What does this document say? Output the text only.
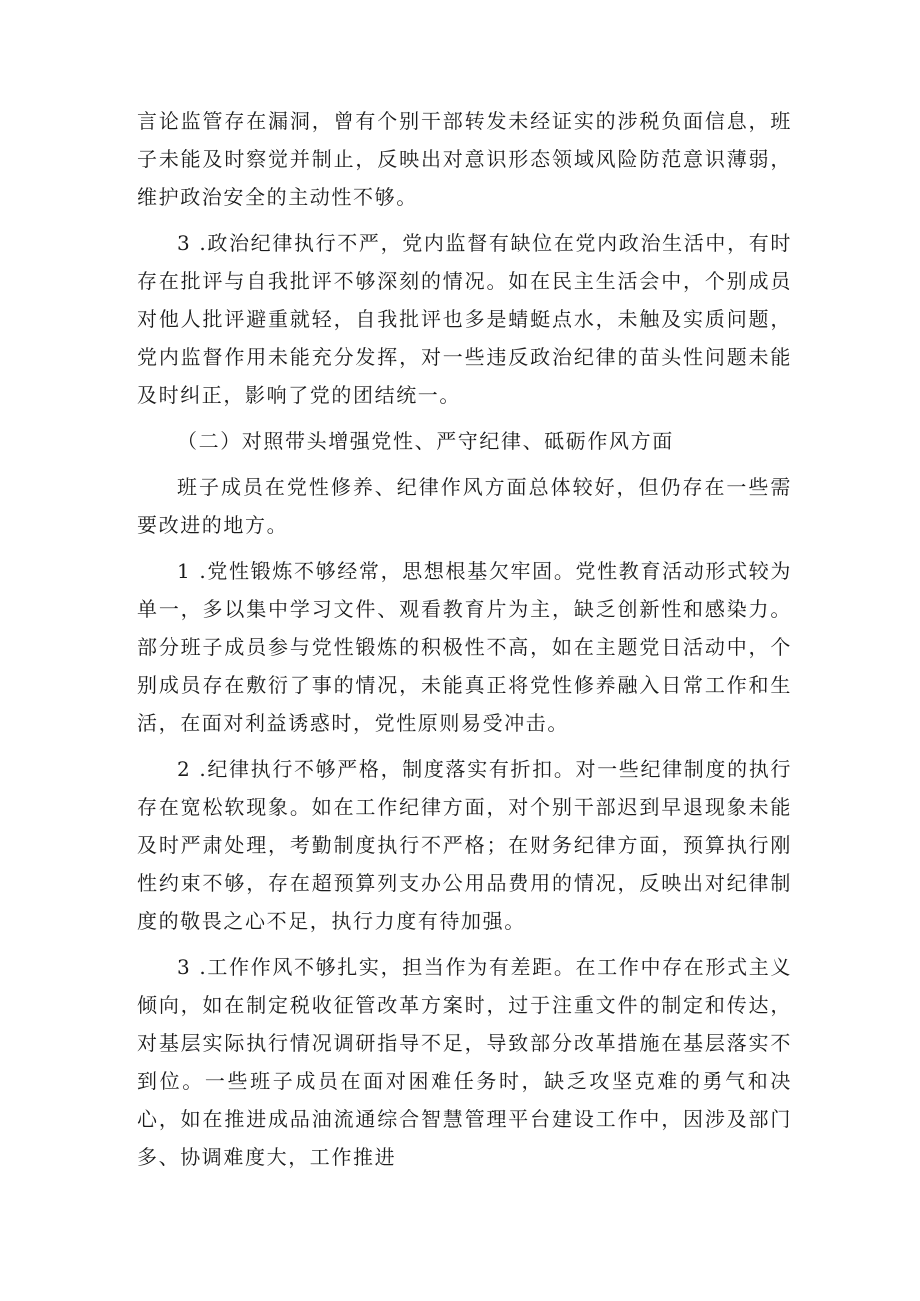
言论监管存在漏洞，曾有个别干部转发未经证实的涉税负面信息，班子未能及时察觉并制止，反映出对意识形态领域风险防范意识薄弱，维护政治安全的主动性不够。

3 .政治纪律执行不严，党内监督有缺位在党内政治生活中，有时存在批评与自我批评不够深刻的情况。如在民主生活会中，个别成员对他人批评避重就轻，自我批评也多是蜻蜓点水，未触及实质问题，党内监督作用未能充分发挥，对一些违反政治纪律的苗头性问题未能及时纠正，影响了党的团结统一。

（二）对照带头增强党性、严守纪律、砥砺作风方面

班子成员在党性修养、纪律作风方面总体较好，但仍存在一些需要改进的地方。

1 .党性锻炼不够经常，思想根基欠牢固。党性教育活动形式较为单一，多以集中学习文件、观看教育片为主，缺乏创新性和感染力。部分班子成员参与党性锻炼的积极性不高，如在主题党日活动中，个别成员存在敷衍了事的情况，未能真正将党性修养融入日常工作和生活，在面对利益诱惑时，党性原则易受冲击。

2 .纪律执行不够严格，制度落实有折扣。对一些纪律制度的执行存在宽松软现象。如在工作纪律方面，对个别干部迟到早退现象未能及时严肃处理，考勤制度执行不严格；在财务纪律方面，预算执行刚性约束不够，存在超预算列支办公用品费用的情况，反映出对纪律制度的敬畏之心不足，执行力度有待加强。

3 .工作作风不够扎实，担当作为有差距。在工作中存在形式主义倾向，如在制定税收征管改革方案时，过于注重文件的制定和传达，对基层实际执行情况调研指导不足，导致部分改革措施在基层落实不到位。一些班子成员在面对困难任务时，缺乏攻坚克难的勇气和决心，如在推进成品油流通综合智慧管理平台建设工作中，因涉及部门多、协调难度大，工作推进
